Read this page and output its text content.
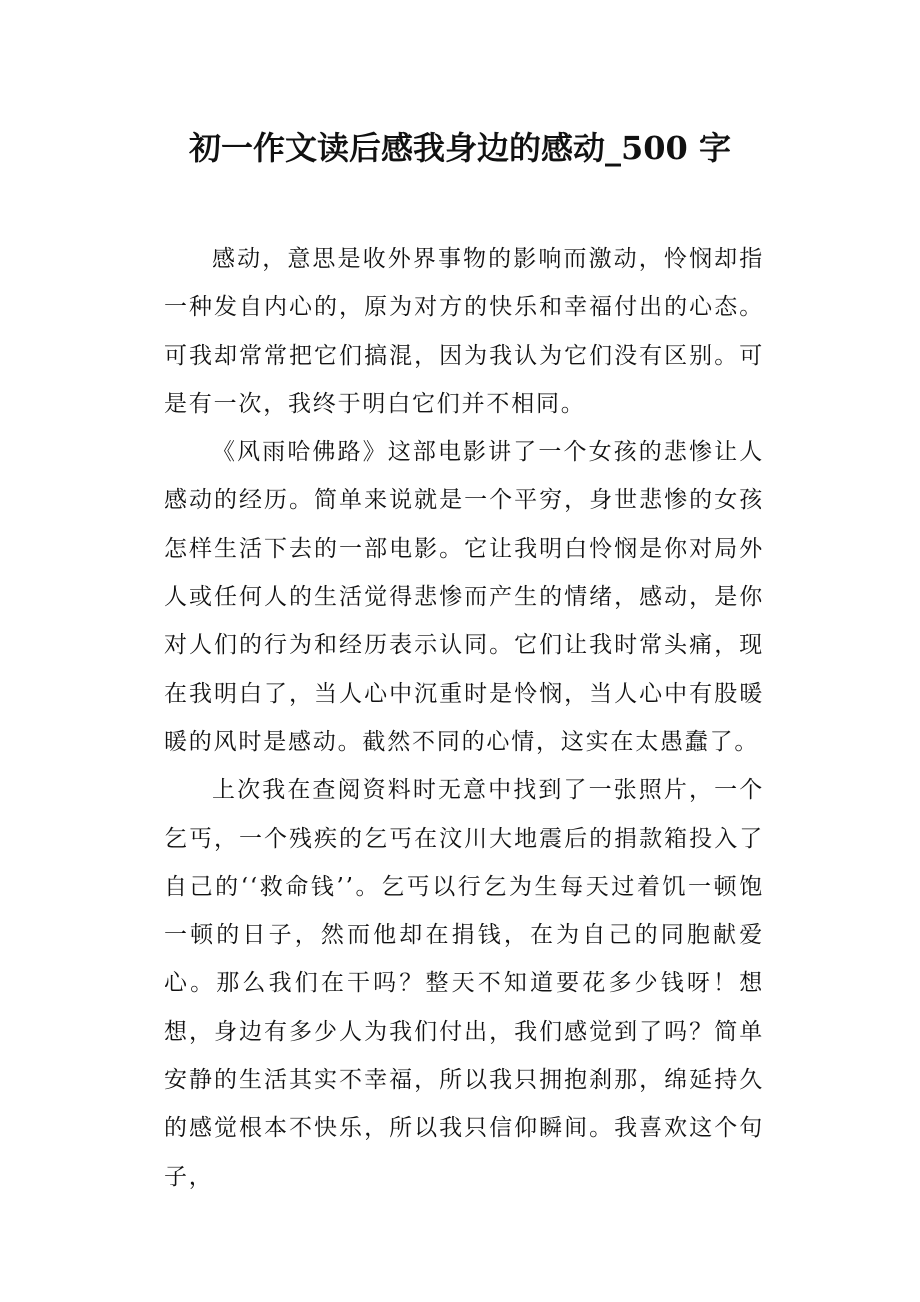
初一作文读后感我身边的感动_500 字

感动，意思是收外界事物的影响而激动，怜悯却指一种发自内心的，原为对方的快乐和幸福付出的心态。可我却常常把它们搞混，因为我认为它们没有区别。可是有一次，我终于明白它们并不相同。

《风雨哈佛路》这部电影讲了一个女孩的悲惨让人感动的经历。简单来说就是一个平穷，身世悲惨的女孩怎样生活下去的一部电影。它让我明白怜悯是你对局外人或任何人的生活觉得悲惨而产生的情绪，感动，是你对人们的行为和经历表示认同。它们让我时常头痛，现在我明白了，当人心中沉重时是怜悯，当人心中有股暖暖的风时是感动。截然不同的心情，这实在太愚蠢了。

上次我在查阅资料时无意中找到了一张照片，一个乞丐，一个残疾的乞丐在汶川大地震后的捐款箱投入了自己的‘‘救命钱’’。乞丐以行乞为生每天过着饥一顿饱一顿的日子，然而他却在捐钱，在为自己的同胞献爱心。那么我们在干吗？整天不知道要花多少钱呀！想想，身边有多少人为我们付出，我们感觉到了吗？简单安静的生活其实不幸福，所以我只拥抱刹那，绵延持久的感觉根本不快乐，所以我只信仰瞬间。我喜欢这个句子，
